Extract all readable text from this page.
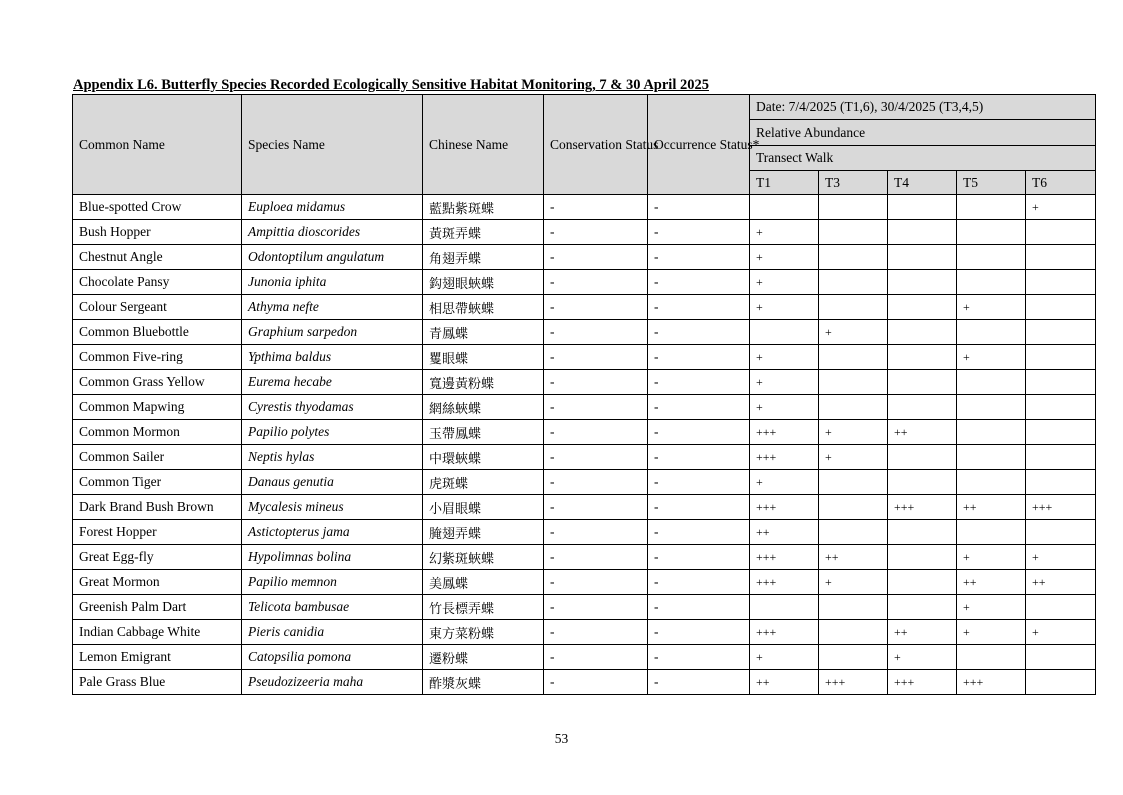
Appendix L6. Butterfly Species Recorded Ecologically Sensitive Habitat Monitoring, 7 & 30 April 2025
Common Name	Species Name	Chinese Name	Conservation Status	Occurrence Status*	Date: 7/4/2025 (T1,6), 30/4/2025 (T3,4,5)				
					Relative Abundance				
					Transect Walk				
					T1	T3	T4	T5	T6
Blue-spotted Crow	Euploea midamus	藍點紫斑蝶	-	-					+
Bush Hopper	Ampittia dioscorides	黃斑弄蝶	-	-	+				
Chestnut Angle	Odontoptilum angulatum	角翅弄蝶	-	-	+				
Chocolate Pansy	Junonia iphita	鈎翅眼蛺蝶	-	-	+				
Colour Sergeant	Athyma nefte	相思帶蛺蝶	-	-	+			+	
Common Bluebottle	Graphium sarpedon	青鳳蝶	-	-		+			
Common Five-ring	Ypthima baldus	矍眼蝶	-	-	+			+	
Common Grass Yellow	Eurema hecabe	寬邊黃粉蝶	-	-	+				
Common Mapwing	Cyrestis thyodamas	網絲蛺蝶	-	-	+				
Common Mormon	Papilio polytes	玉帶鳳蝶	-	-	+++	+	++		
Common Sailer	Neptis hylas	中環蛺蝶	-	-	+++	+			
Common Tiger	Danaus genutia	虎斑蝶	-	-	+				
Dark Brand Bush Brown	Mycalesis mineus	小眉眼蝶	-	-	+++		+++	++	+++
Forest Hopper	Astictopterus jama	腌翅弄蝶	-	-	++				
Great Egg-fly	Hypolimnas bolina	幻紫斑蛺蝶	-	-	+++	++		+	+
Great Mormon	Papilio memnon	美鳳蝶	-	-	+++	+		++	++
Greenish Palm Dart	Telicota bambusae	竹長標弄蝶	-	-				+	
Indian Cabbage White	Pieris canidia	東方菜粉蝶	-	-	+++		++	+	+
Lemon Emigrant	Catopsilia pomona	遷粉蝶	-	-	+		+		
Pale Grass Blue	Pseudozizeeria maha	酢漿灰蝶	-	-	++	+++	+++	+++	
53
